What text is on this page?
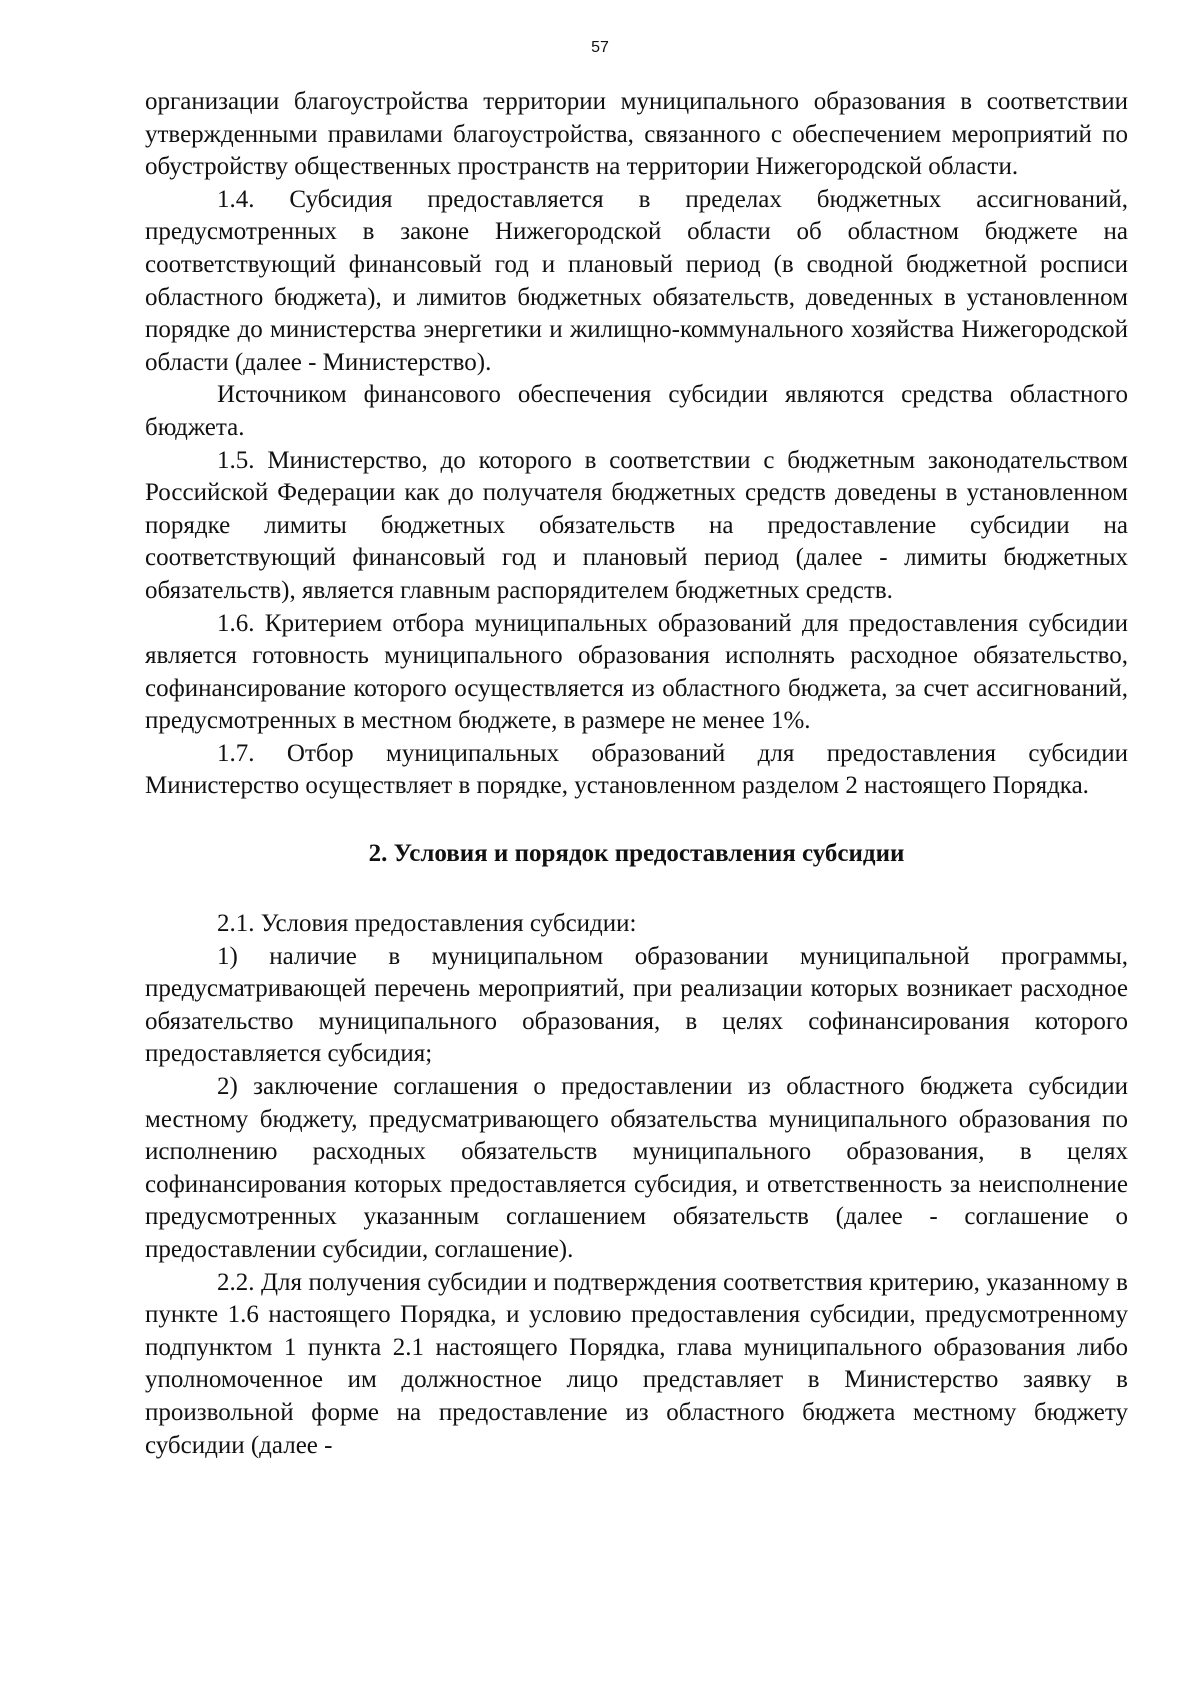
57

организации благоустройства территории муниципального образования в соответствии утвержденными правилами благоустройства, связанного с обеспечением мероприятий по обустройству общественных пространств на территории Нижегородской области.

1.4. Субсидия предоставляется в пределах бюджетных ассигнований, предусмотренных в законе Нижегородской области об областном бюджете на соответствующий финансовый год и плановый период (в сводной бюджетной росписи областного бюджета), и лимитов бюджетных обязательств, доведенных в установленном порядке до министерства энергетики и жилищно-коммунального хозяйства Нижегородской области (далее - Министерство).

Источником финансового обеспечения субсидии являются средства областного бюджета.

1.5. Министерство, до которого в соответствии с бюджетным законодательством Российской Федерации как до получателя бюджетных средств доведены в установленном порядке лимиты бюджетных обязательств на предоставление субсидии на соответствующий финансовый год и плановый период (далее - лимиты бюджетных обязательств), является главным распорядителем бюджетных средств.

1.6. Критерием отбора муниципальных образований для предоставления субсидии является готовность муниципального образования исполнять расходное обязательство, софинансирование которого осуществляется из областного бюджета, за счет ассигнований, предусмотренных в местном бюджете, в размере не менее 1%.

1.7. Отбор муниципальных образований для предоставления субсидии Министерство осуществляет в порядке, установленном разделом 2 настоящего Порядка.

2. Условия и порядок предоставления субсидии

2.1. Условия предоставления субсидии:

1) наличие в муниципальном образовании муниципальной программы, предусматривающей перечень мероприятий, при реализации которых возникает расходное обязательство муниципального образования, в целях софинансирования которого предоставляется субсидия;

2) заключение соглашения о предоставлении из областного бюджета субсидии местному бюджету, предусматривающего обязательства муниципального образования по исполнению расходных обязательств муниципального образования, в целях софинансирования которых предоставляется субсидия, и ответственность за неисполнение предусмотренных указанным соглашением обязательств (далее - соглашение о предоставлении субсидии, соглашение).

2.2. Для получения субсидии и подтверждения соответствия критерию, указанному в пункте 1.6 настоящего Порядка, и условию предоставления субсидии, предусмотренному подпунктом 1 пункта 2.1 настоящего Порядка, глава муниципального образования либо уполномоченное им должностное лицо представляет в Министерство заявку в произвольной форме на предоставление из областного бюджета местному бюджету субсидии (далее -
